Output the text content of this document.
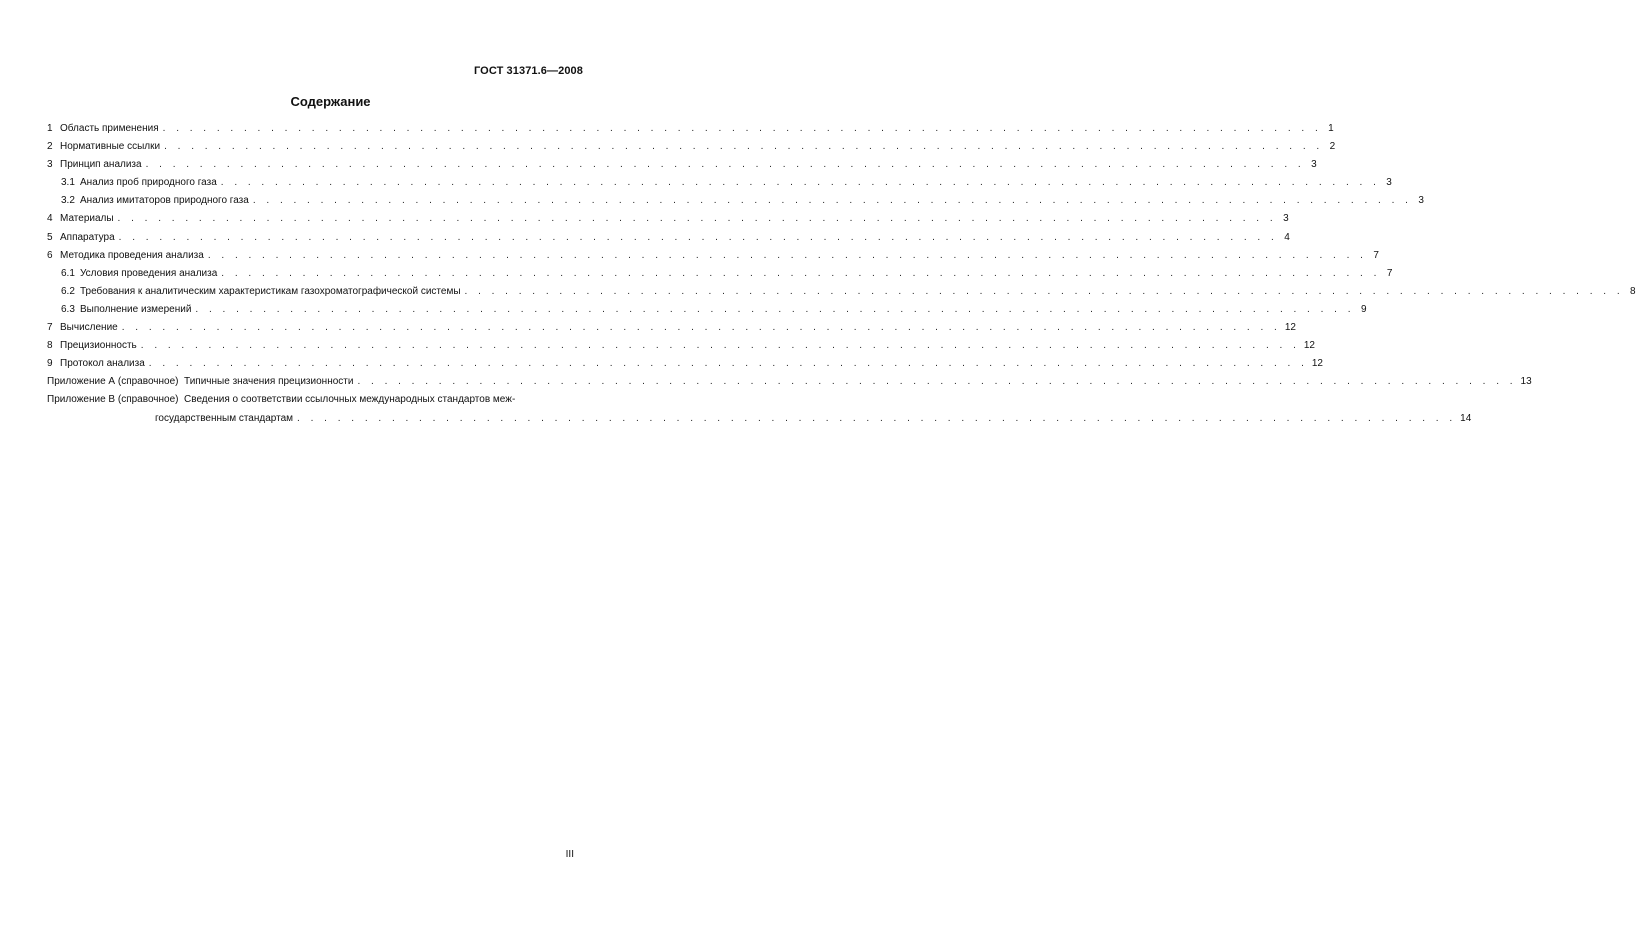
ГОСТ 31371.6—2008
Содержание
1 Область применения . . . . . . . . . . . . . . . . . . . . . . . . . . . . . . . . . . . . . . . . . . . . . . . . . . . . . . . . . . . . . . . . . . . . . . . . . . . . . . . . . . . . . . 1
2 Нормативные ссылки . . . . . . . . . . . . . . . . . . . . . . . . . . . . . . . . . . . . . . . . . . . . . . . . . . . . . . . . . . . . . . . . . . . . . . . . . . . . . . . . . . . . . . 2
3 Принцип анализа . . . . . . . . . . . . . . . . . . . . . . . . . . . . . . . . . . . . . . . . . . . . . . . . . . . . . . . . . . . . . . . . . . . . . . . . . . . . . . . . . . . . . . 3
3.1 Анализ проб природного газа . . . . . . . . . . . . . . . . . . . . . . . . . . . . . . . . . . . . . . . . . . . . . . . . . . . . . . . . . . . . . . . . . . . . . . . . . . . . . . . . . . . . . . 3
3.2 Анализ имитаторов природного газа . . . . . . . . . . . . . . . . . . . . . . . . . . . . . . . . . . . . . . . . . . . . . . . . . . . . . . . . . . . . . . . . . . . . . . . . . . . . . . . . . . . . . . 3
4 Материалы . . . . . . . . . . . . . . . . . . . . . . . . . . . . . . . . . . . . . . . . . . . . . . . . . . . . . . . . . . . . . . . . . . . . . . . . . . . . . . . . . . . . . . 3
5 Аппаратура . . . . . . . . . . . . . . . . . . . . . . . . . . . . . . . . . . . . . . . . . . . . . . . . . . . . . . . . . . . . . . . . . . . . . . . . . . . . . . . . . . . . . . 4
6 Методика проведения анализа . . . . . . . . . . . . . . . . . . . . . . . . . . . . . . . . . . . . . . . . . . . . . . . . . . . . . . . . . . . . . . . . . . . . . . . . . . . . . . . . . . . . . . 7
6.1 Условия проведения анализа . . . . . . . . . . . . . . . . . . . . . . . . . . . . . . . . . . . . . . . . . . . . . . . . . . . . . . . . . . . . . . . . . . . . . . . . . . . . . . . . . . . . . . 7
6.2 Требования к аналитическим характеристикам газохроматографической системы . . . . . . . . . . . . . . . . . . . . . . . . . . . . . . . . . . . . . . . . . . . . . . . . . . . . . . . . . . . . . . . . . . . . . . . . . . . . . . . . . . . . . . 8
6.3 Выполнение измерений . . . . . . . . . . . . . . . . . . . . . . . . . . . . . . . . . . . . . . . . . . . . . . . . . . . . . . . . . . . . . . . . . . . . . . . . . . . . . . . . . . . . . . 9
7 Вычисление . . . . . . . . . . . . . . . . . . . . . . . . . . . . . . . . . . . . . . . . . . . . . . . . . . . . . . . . . . . . . . . . . . . . . . . . . . . . . . . . . . . . . . 12
8 Прецизионность . . . . . . . . . . . . . . . . . . . . . . . . . . . . . . . . . . . . . . . . . . . . . . . . . . . . . . . . . . . . . . . . . . . . . . . . . . . . . . . . . . . . . . 12
9 Протокол анализа . . . . . . . . . . . . . . . . . . . . . . . . . . . . . . . . . . . . . . . . . . . . . . . . . . . . . . . . . . . . . . . . . . . . . . . . . . . . . . . . . . . . . . 12
Приложение А (справочное) Типичные значения прецизионности . . . . . . . . . . . . . . . . . . . . . . . . . . . . . . . . . . . . . . . . . . . . . . . . . . . . . . . . . . . . . . . . . . . . . . . . . . . . . . . . . . . . . . 13
Приложение В (справочное)
Сведения о соответствии ссылочных международных стандартов меж-
государственным стандартам . . . . . . . . . . . . . . . . . . . . . . . . . . . . . . . . . . . . . . . . . . . . . . . . . . . . . . . . . . . . . . . . . . . . . . . . . . . . . . . . . . . . . . 14
III
